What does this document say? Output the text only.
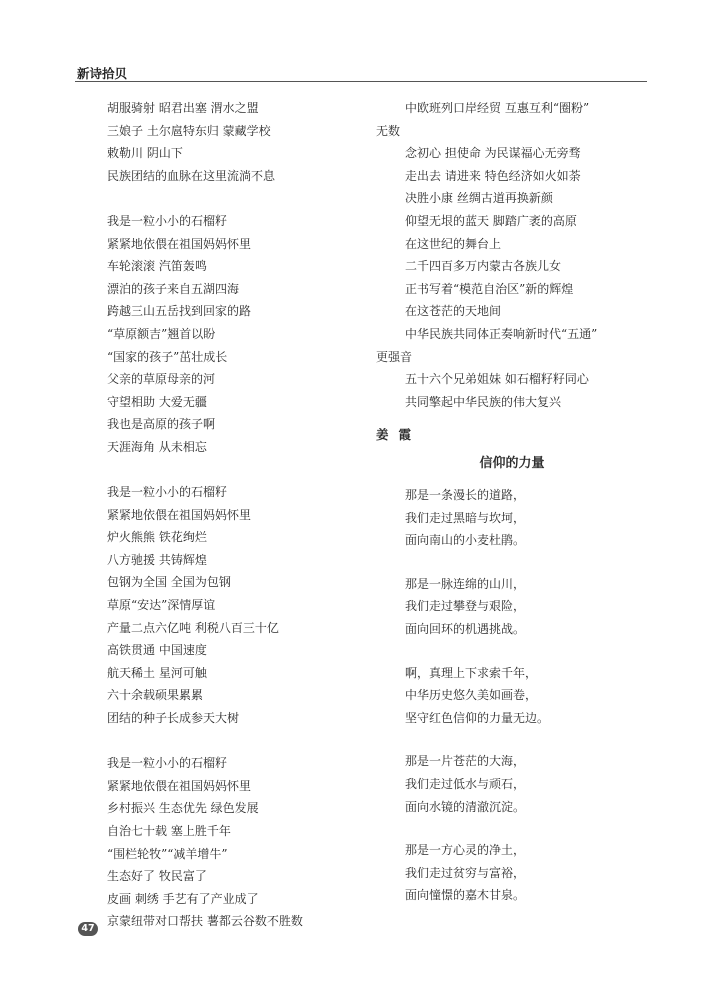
新诗拾贝
胡服骑射 昭君出塞 渭水之盟
三娘子 土尔扈特东归 蒙藏学校
敕勒川 阴山下
民族团结的血脉在这里流淌不息
我是一粒小小的石榴籽
紧紧地依偎在祖国妈妈怀里
车轮滚滚 汽笛轰鸣
漂泊的孩子来自五湖四海
跨越三山五岳找到回家的路
“草原额吉”翘首以盼
“国家的孩子”茁壮成长
父亲的草原母亲的河
守望相助 大爱无疆
我也是高原的孩子啊
天涯海角 从未相忘
我是一粒小小的石榴籽
紧紧地依偎在祖国妈妈怀里
炉火熊熊 铁花绚烂
八方驰援 共铸辉煌
包钢为全国 全国为包钢
草原“安达”深情厚谊
产量二点六亿吨 利税八百三十亿
高铁贯通 中国速度
航天稀土 星河可触
六十余载硕果累累
团结的种子长成参天大树
我是一粒小小的石榴籽
紧紧地依偎在祖国妈妈怀里
乡村振兴 生态优先 绿色发展
自治七十载 塞上胜千年
“围栏轮牧”“减羊增牛”
生态好了 牧民富了
皮画 刺绣 手艺有了产业成了
京蒙纽带对口帮扶 薯都云谷数不胜数
中欧班列口岸经贸 互惠互利“圈粉”
无数
念初心 担使命 为民谋福心无旁骛
走出去 请进来 特色经济如火如荼
决胜小康 丝绸古道再换新颜
仰望无垠的蓝天 脚踏广袤的高原
在这世纪的舞台上
二千四百多万内蒙古各族儿女
正书写着“模范自治区”新的辉煌
在这苍茫的天地间
中华民族共同体正奏响新时代“五通”
更强音
五十六个兄弟姐妹 如石榴籽籽同心
共同擎起中华民族的伟大复兴
姜霞
信仰的力量
那是一条漫长的道路，
我们走过黑暗与坎坷，
面向南山的小麦杜鹃。
那是一脉连绵的山川，
我们走过攀登与艰险，
面向回环的机遇挑战。
啊，真理上下求索千年，
中华历史悠久美如画卷，
坚守红色信仰的力量无边。
那是一片苍茫的大海，
我们走过低水与顽石，
面向水镜的清澈沉淀。
那是一方心灵的净土，
我们走过贫穷与富裕，
面向憧憬的嘉木甘泉。
47
